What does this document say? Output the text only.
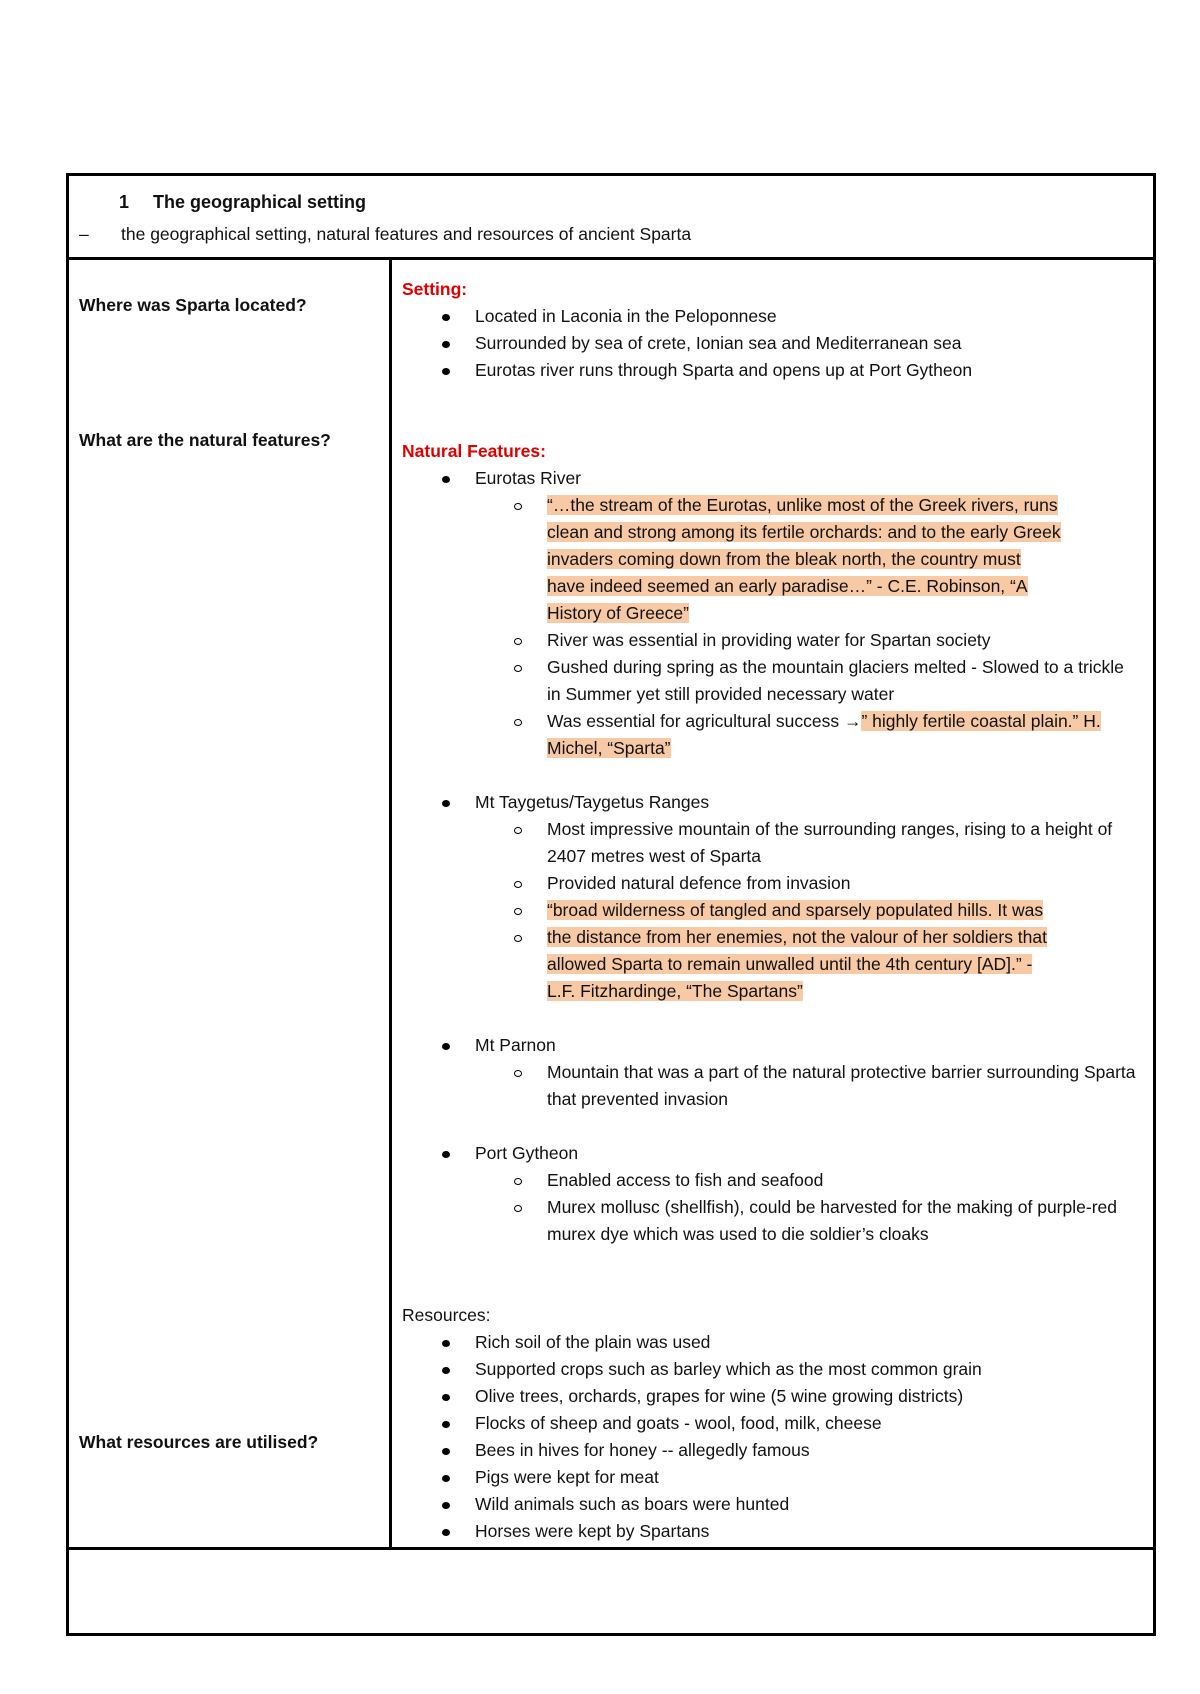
1 The geographical setting
– the geographical setting, natural features and resources of ancient Sparta
Where was Sparta located?
What are the natural features?
What resources are utilised?
Setting:
Located in Laconia in the Peloponnese
Surrounded by sea of crete, Ionian sea and Mediterranean sea
Eurotas river runs through Sparta and opens up at Port Gytheon
Natural Features:
Eurotas River
“…the stream of the Eurotas, unlike most of the Greek rivers, runs
clean and strong among its fertile orchards: and to the early Greek
invaders coming down from the bleak north, the country must
have indeed seemed an early paradise…” - C.E. Robinson, “A
History of Greece”
River was essential in providing water for Spartan society
Gushed during spring as the mountain glaciers melted - Slowed to a trickle in Summer yet still provided necessary water
Was essential for agricultural success →” highly fertile coastal plain.” H. Michel, “Sparta”
Mt Taygetus/Taygetus Ranges
Most impressive mountain of the surrounding ranges, rising to a height of 2407 metres west of Sparta
Provided natural defence from invasion
“broad wilderness of tangled and sparsely populated hills. It was
the distance from her enemies, not the valour of her soldiers that
allowed Sparta to remain unwalled until the 4th century [AD].” -
L.F. Fitzhardinge, “The Spartans”
Mt Parnon
Mountain that was a part of the natural protective barrier surrounding Sparta that prevented invasion
Port Gytheon
Enabled access to fish and seafood
Murex mollusc (shellfish), could be harvested for the making of purple-red murex dye which was used to die soldier’s cloaks
Resources:
Rich soil of the plain was used
Supported crops such as barley which as the most common grain
Olive trees, orchards, grapes for wine (5 wine growing districts)
Flocks of sheep and goats - wool, food, milk, cheese
Bees in hives for honey -- allegedly famous
Pigs were kept for meat
Wild animals such as boars were hunted
Horses were kept by Spartans
